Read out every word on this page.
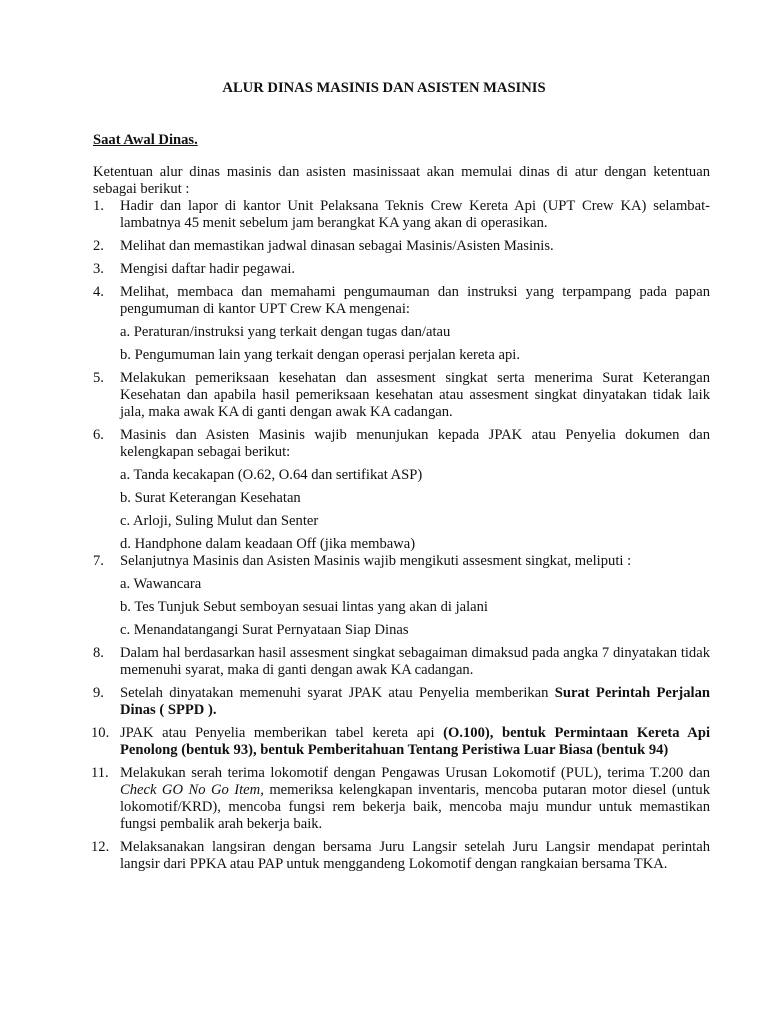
ALUR DINAS MASINIS DAN ASISTEN MASINIS

Saat Awal Dinas.

Ketentuan alur dinas masinis dan asisten masinissaat akan memulai dinas di atur dengan ketentuan sebagai berikut :

1. Hadir dan lapor di kantor Unit Pelaksana Teknis Crew Kereta Api (UPT Crew KA) selambat-lambatnya 45 menit sebelum jam berangkat KA yang akan di operasikan.
2. Melihat dan memastikan jadwal dinasan sebagai Masinis/Asisten Masinis.
3. Mengisi daftar hadir pegawai.
4. Melihat, membaca dan memahami pengumauman dan instruksi yang terpampang pada papan pengumuman di kantor UPT Crew KA mengenai:
a. Peraturan/instruksi yang terkait dengan tugas dan/atau
b. Pengumuman lain yang terkait dengan operasi perjalan kereta api.
5. Melakukan pemeriksaan kesehatan dan assesment singkat serta menerima Surat Keterangan Kesehatan dan apabila hasil pemeriksaan kesehatan atau assesment singkat dinyatakan tidak laik jala, maka awak KA di ganti dengan awak KA cadangan.
6. Masinis dan Asisten Masinis wajib menunjukan kepada JPAK atau Penyelia dokumen dan kelengkapan sebagai berikut:
a. Tanda kecakapan (O.62, O.64 dan sertifikat ASP)
b. Surat Keterangan Kesehatan
c. Arloji, Suling Mulut dan Senter
d. Handphone dalam keadaan Off (jika membawa)
7. Selanjutnya Masinis dan Asisten Masinis wajib mengikuti assesment singkat, meliputi :
a. Wawancara
b. Tes Tunjuk Sebut semboyan sesuai lintas yang akan di jalani
c. Menandatangangi Surat Pernyataan Siap Dinas
8. Dalam hal berdasarkan hasil assesment singkat sebagaiman dimaksud pada angka 7 dinyatakan tidak memenuhi syarat, maka di ganti dengan awak KA cadangan.
9. Setelah dinyatakan memenuhi syarat JPAK atau Penyelia memberikan Surat Perintah Perjalan Dinas ( SPPD ).
10. JPAK atau Penyelia memberikan tabel kereta api (O.100), bentuk Permintaan Kereta Api Penolong (bentuk 93), bentuk Pemberitahuan Tentang Peristiwa Luar Biasa (bentuk 94)
11. Melakukan serah terima lokomotif dengan Pengawas Urusan Lokomotif (PUL), terima T.200 dan Check GO No Go Item, memeriksa kelengkapan inventaris, mencoba putaran motor diesel (untuk lokomotif/KRD), mencoba fungsi rem bekerja baik, mencoba maju mundur untuk memastikan fungsi pembalik arah bekerja baik.
12. Melaksanakan langsiran dengan bersama Juru Langsir setelah Juru Langsir mendapat perintah langsir dari PPKA atau PAP untuk menggandeng Lokomotif dengan rangkaian bersama TKA.
